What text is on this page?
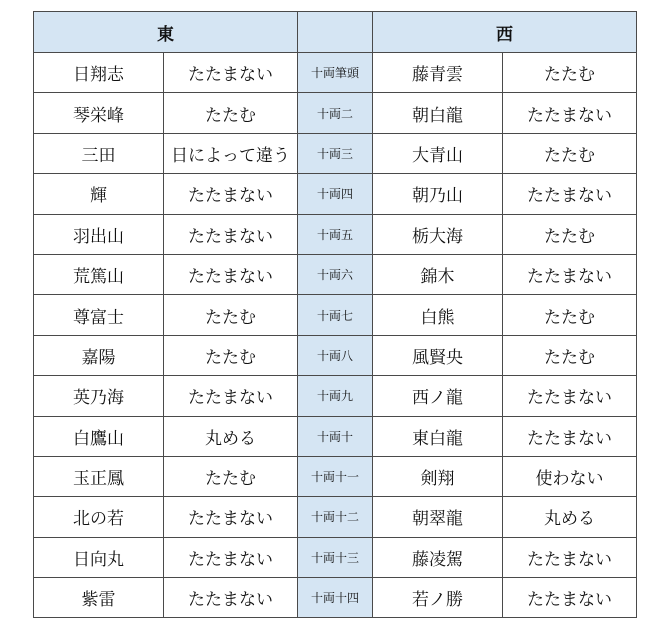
東			西	
日翔志	たたまない	十両筆頭	藤青雲	たたむ
琴栄峰	たたむ	十両二	朝白龍	たたまない
三田	日によって違う	十両三	大青山	たたむ
輝	たたまない	十両四	朝乃山	たたまない
羽出山	たたまない	十両五	栃大海	たたむ
荒篤山	たたまない	十両六	錦木	たたまない
尊富士	たたむ	十両七	白熊	たたむ
嘉陽	たたむ	十両八	風賢央	たたむ
英乃海	たたまない	十両九	西ノ龍	たたまない
白鷹山	丸める	十両十	東白龍	たたまない
玉正鳳	たたむ	十両十一	剣翔	使わない
北の若	たたまない	十両十二	朝翠龍	丸める
日向丸	たたまない	十両十三	藤凌駕	たたまない
紫雷	たたまない	十両十四	若ノ勝	たたまない
